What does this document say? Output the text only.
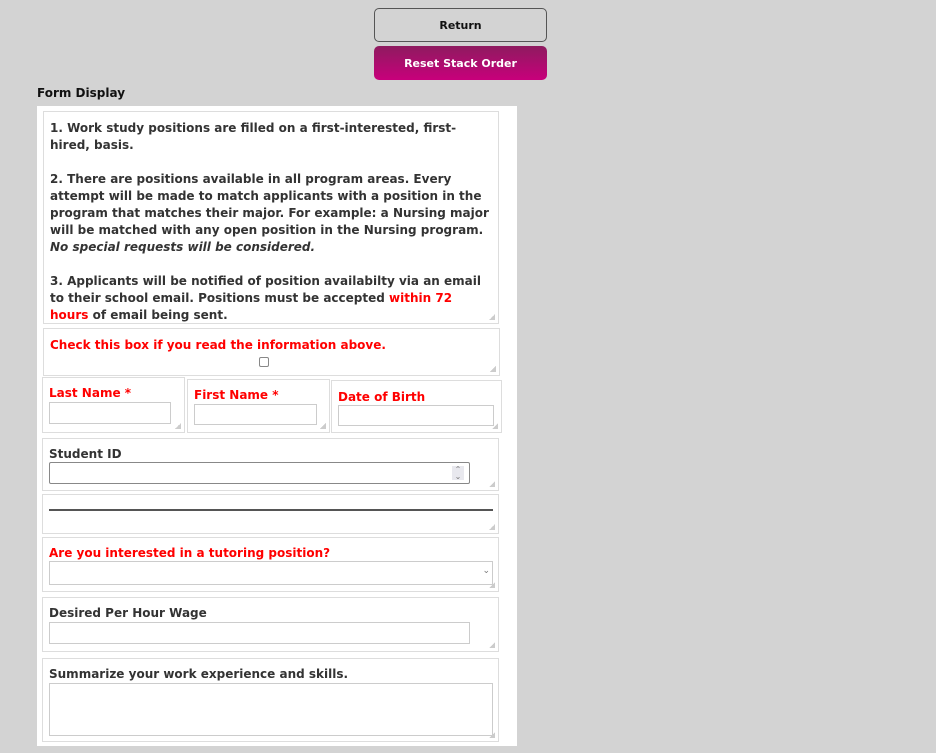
Return
Reset Stack Order
Form Display

1. Work study positions are filled on a first-interested, first-hired, basis.

2. There are positions available in all program areas. Every attempt will be made to match applicants with a position in the program that matches their major. For example: a Nursing major will be matched with any open position in the Nursing program. No special requests will be considered.

3. Applicants will be notified of position availabilty via an email to their school email. Positions must be accepted within 72 hours of email being sent.

Check this box if you read the information above.
Last Name *	First Name *	Date of Birth
Student ID
⌃
⌄
Are you interested in a tutoring position?
⌄
Desired Per Hour Wage
Summarize your work experience and skills.
